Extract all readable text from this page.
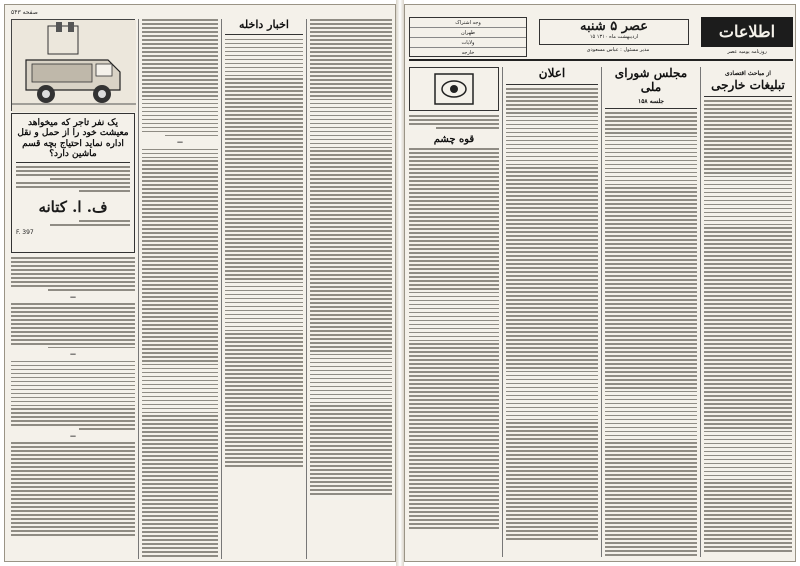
صفحه ۵۴۳
یک نفر تاجر که میخواهد معیشت خود را از حمل و نقل اداره نماید احتیاج بچه قسم ماشین دارد؟
ف. ا. کتانه
F. 397
—
—
—
—
اخبار داخله	وجه اشتراک
طهران
ولایات
خارجه
عصر ۵ شنبه
۱۵ اردیبهشت ماه ۱۳۱۰
مدیر مسئول : عباس مسعودی
اطلاعات
روزنامه یومیه عصر
قوه چشم
اعلان	مجلس شورای ملی
جلسه ۱۵۸
از مباحث اقتصادی
تبلیغات خارجی
